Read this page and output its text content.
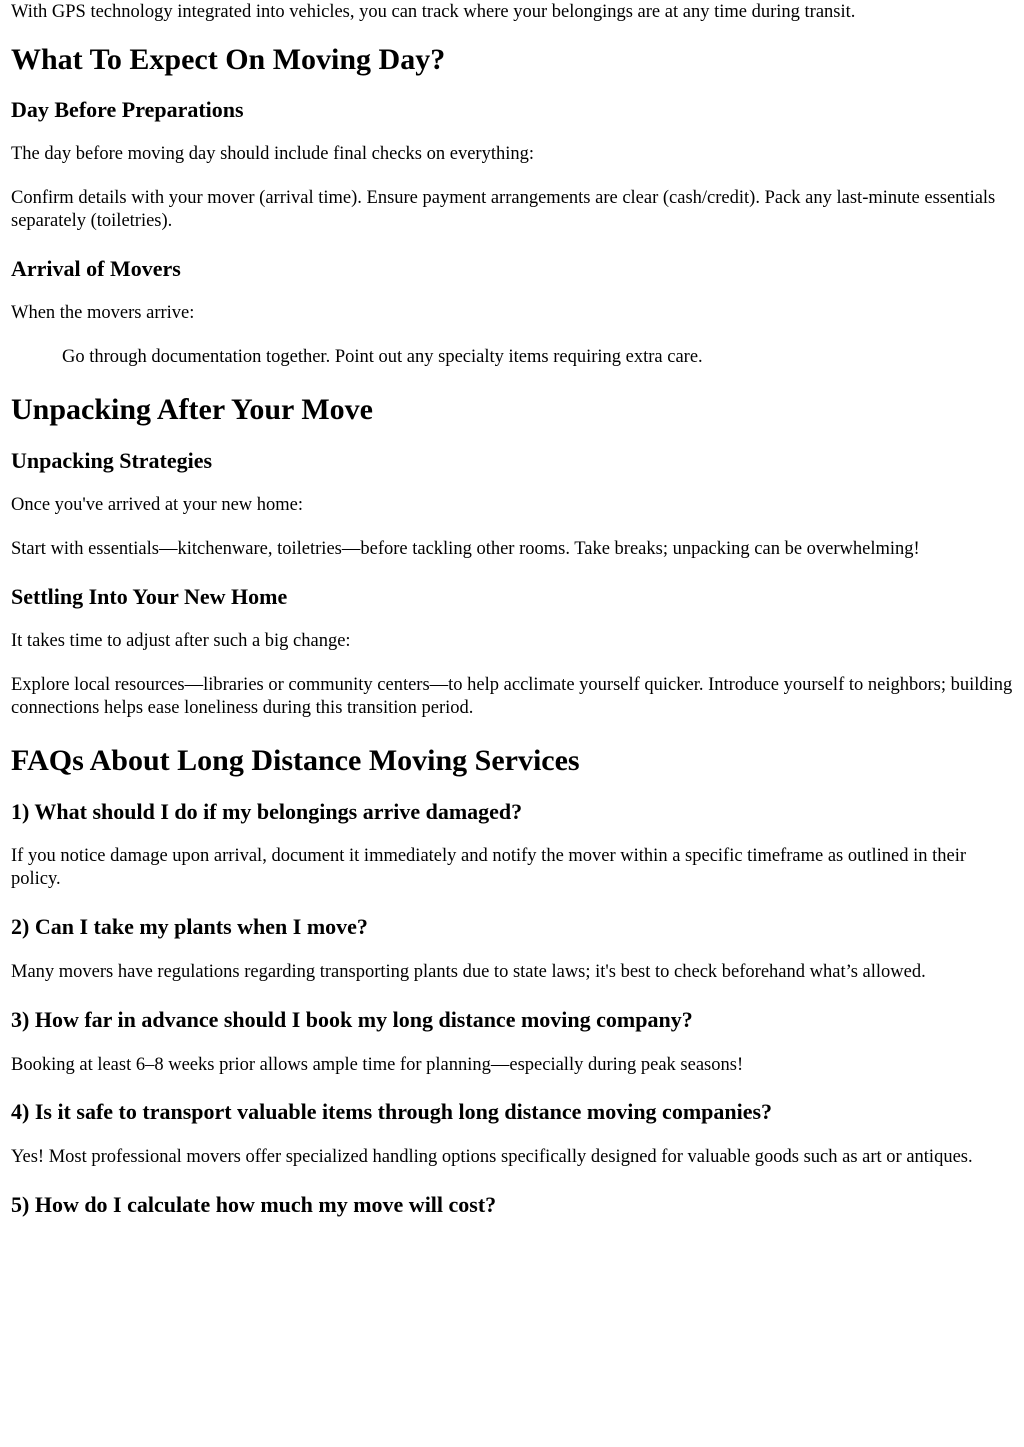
With GPS technology integrated into vehicles, you can track where your belongings are at any time during transit.

What To Expect On Moving Day?
Day Before Preparations

The day before moving day should include final checks on everything:

Confirm details with your mover (arrival time). Ensure payment arrangements are clear (cash/credit). Pack any last-minute essentials separately (toiletries).

Arrival of Movers

When the movers arrive:

Go through documentation together. Point out any specialty items requiring extra care.

Unpacking After Your Move
Unpacking Strategies

Once you've arrived at your new home:

Start with essentials—kitchenware, toiletries—before tackling other rooms. Take breaks; unpacking can be overwhelming!

Settling Into Your New Home

It takes time to adjust after such a big change:

Explore local resources—libraries or community centers—to help acclimate yourself quicker. Introduce yourself to neighbors; building connections helps ease loneliness during this transition period.

FAQs About Long Distance Moving Services
1) What should I do if my belongings arrive damaged?

If you notice damage upon arrival, document it immediately and notify the mover within a specific timeframe as outlined in their policy.

2) Can I take my plants when I move?

Many movers have regulations regarding transporting plants due to state laws; it's best to check beforehand what’s allowed.

3) How far in advance should I book my long distance moving company?

Booking at least 6–8 weeks prior allows ample time for planning—especially during peak seasons!

4) Is it safe to transport valuable items through long distance moving companies?

Yes! Most professional movers offer specialized handling options specifically designed for valuable goods such as art or antiques.

5) How do I calculate how much my move will cost?
